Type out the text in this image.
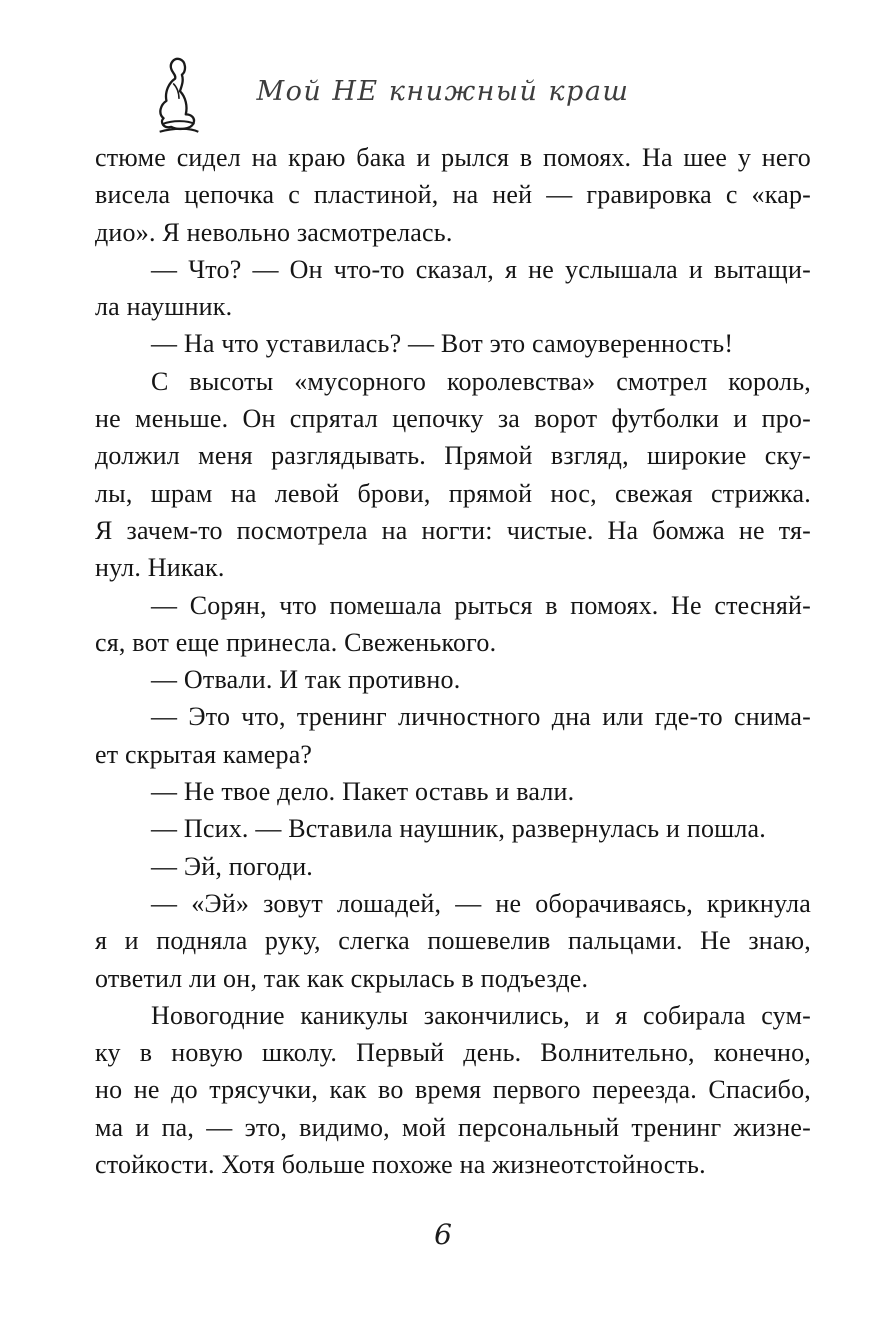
Мой НЕ книжный краш
стюме сидел на краю бака и рылся в помоях. На шее у него
висела цепочка с пластиной, на ней — гравировка с «кар-
дио». Я невольно засмотрелась.
— Что? — Он что-то сказал, я не услышала и вытащи-
ла наушник.
— На что уставилась? — Вот это самоуверенность!
С высоты «мусорного королевства» смотрел король,
не меньше. Он спрятал цепочку за ворот футболки и про-
должил меня разглядывать. Прямой взгляд, широкие ску-
лы, шрам на левой брови, прямой нос, свежая стрижка.
Я зачем-то посмотрела на ногти: чистые. На бомжа не тя-
нул. Никак.
— Сорян, что помешала рыться в помоях. Не стесняй-
ся, вот еще принесла. Свеженького.
— Отвали. И так противно.
— Это что, тренинг личностного дна или где-то снима-
ет скрытая камера?
— Не твое дело. Пакет оставь и вали.
— Псих. — Вставила наушник, развернулась и пошла.
— Эй, погоди.
— «Эй» зовут лошадей, — не оборачиваясь, крикнула
я и подняла руку, слегка пошевелив пальцами. Не знаю,
ответил ли он, так как скрылась в подъезде.
Новогодние каникулы закончились, и я собирала сум-
ку в новую школу. Первый день. Волнительно, конечно,
но не до трясучки, как во время первого переезда. Спасибо,
ма и па, — это, видимо, мой персональный тренинг жизне-
стойкости. Хотя больше похоже на жизнеотстойность.
6
